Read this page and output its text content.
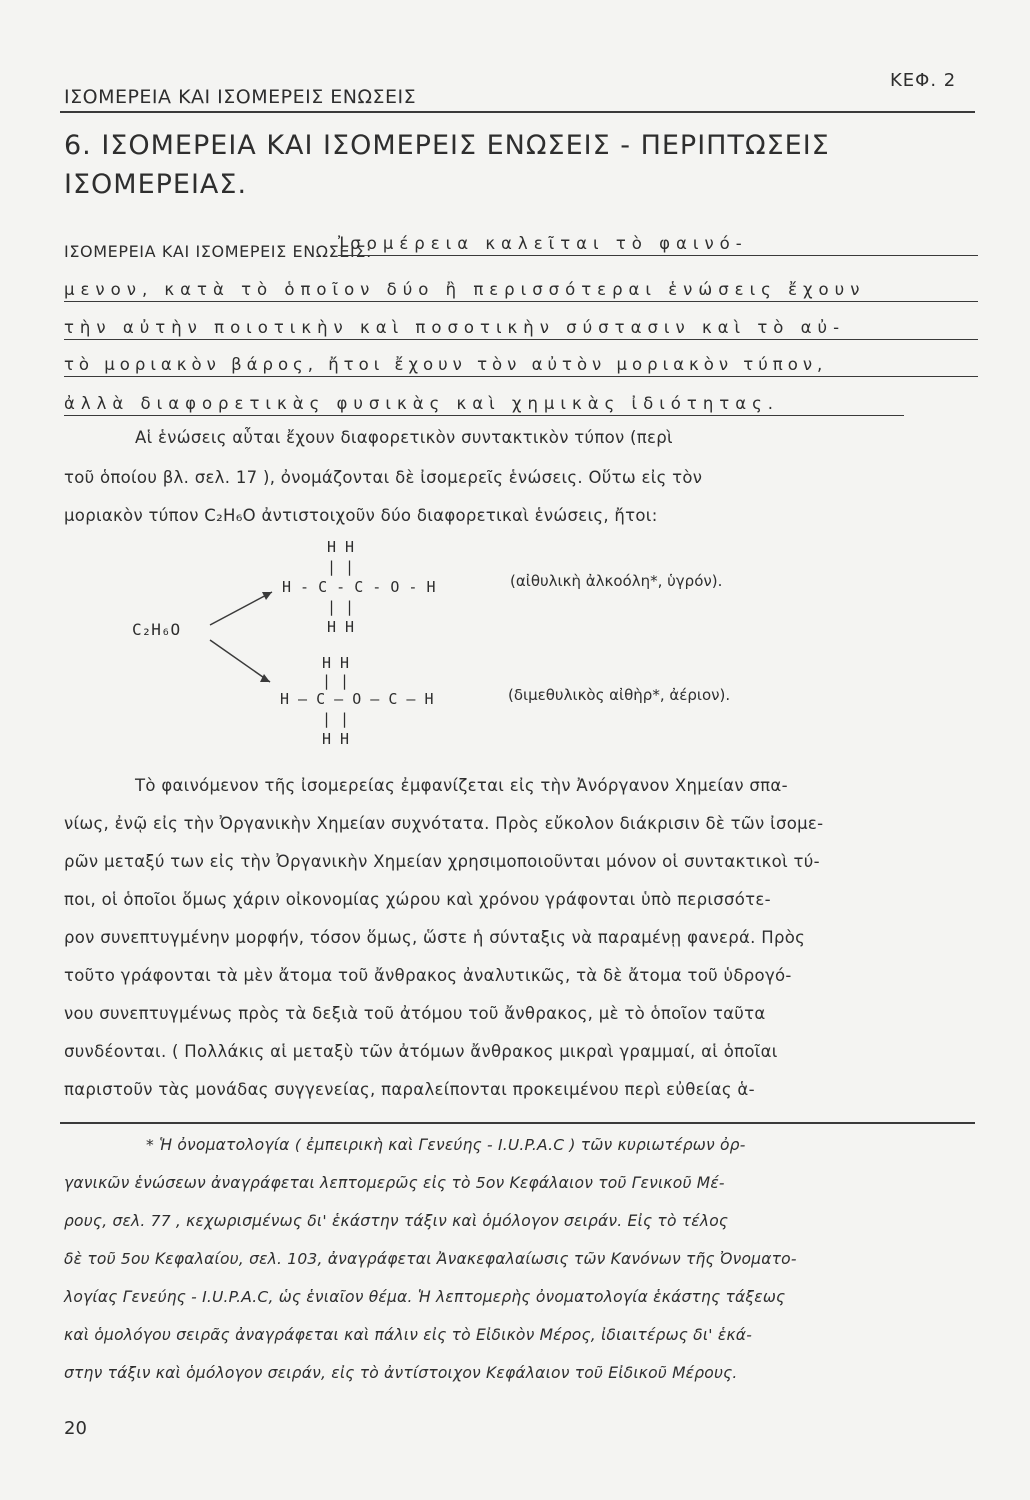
ΙΣΟΜΕΡΕΙΑ ΚΑΙ ΙΣΟΜΕΡΕΙΣ ΕΝΩΣΕΙΣ
ΚΕΦ. 2
6. ΙΣΟΜΕΡΕΙΑ ΚΑΙ ΙΣΟΜΕΡΕΙΣ ΕΝΩΣΕΙΣ - ΠΕΡΙΠΤΩΣΕΙΣ ΙΣΟΜΕΡΕΙΑΣ.
ΙΣΟΜΕΡΕΙΑ ΚΑΙ ΙΣΟΜΕΡΕΙΣ ΕΝΩΣΕΙΣ:
Ἰσομέρεια καλεῖται τὸ φαινό-
μενον, κατὰ τὸ ὁποῖον δύο ἢ περισσότεραι ἑνώσεις ἔχουν
τὴν αὐτὴν ποιοτικὴν καὶ ποσοτικὴν σύστασιν καὶ τὸ αὐ-
τὸ μοριακὸν βάρος, ἤτοι ἔχουν τὸν αὐτὸν μοριακὸν τύπον,
ἀλλὰ διαφορετικὰς φυσικὰς καὶ χημικὰς ἰδιότητας.
Αἱ ἑνώσεις αὗται ἔχουν διαφορετικὸν συντακτικὸν τύπον (περὶ
τοῦ ὁποίου βλ. σελ. 17 ), ὀνομάζονται δὲ ἰσομερεῖς ἑνώσεις. Οὕτω εἰς τὸν
μοριακὸν τύπον C₂H₆O ἀντιστοιχοῦν δύο διαφορετικαὶ ἑνώσεις, ἤτοι:
C₂H₆O
H H
| |
H - C - C - O - H
| |
H H
(αἰθυλικὴ ἀλκοόλη*, ὑγρόν).
H H
| |
H — C — O — C — H
| |
H H
(διμεθυλικὸς αἰθὴρ*, ἀέριον).
Τὸ φαινόμενον τῆς ἰσομερείας ἐμφανίζεται εἰς τὴν Ἀνόργανον Χημείαν σπα-
νίως, ἐνῷ εἰς τὴν Ὀργανικὴν Χημείαν συχνότατα. Πρὸς εὔκολον διάκρισιν δὲ τῶν ἰσομε-
ρῶν μεταξύ των εἰς τὴν Ὀργανικὴν Χημείαν χρησιμοποιοῦνται μόνον οἱ συντακτικοὶ τύ-
ποι, οἱ ὁποῖοι ὅμως χάριν οἰκονομίας χώρου καὶ χρόνου γράφονται ὑπὸ περισσότε-
ρον συνεπτυγμένην μορφήν, τόσον ὅμως, ὥστε ἡ σύνταξις νὰ παραμένῃ φανερά. Πρὸς
τοῦτο γράφονται τὰ μὲν ἄτομα τοῦ ἄνθρακος ἀναλυτικῶς, τὰ δὲ ἄτομα τοῦ ὑδρογό-
νου συνεπτυγμένως πρὸς τὰ δεξιὰ τοῦ ἀτόμου τοῦ ἄνθρακος, μὲ τὸ ὁποῖον ταῦτα
συνδέονται. ( Πολλάκις αἱ μεταξὺ τῶν ἀτόμων ἄνθρακος μικραὶ γραμμαί, αἱ ὁποῖαι
παριστοῦν τὰς μονάδας συγγενείας, παραλείπονται προκειμένου περὶ εὐθείας ἁ-
* Ἡ ὀνοματολογία ( ἐμπειρικὴ καὶ Γενεύης - I.U.P.A.C ) τῶν κυριωτέρων ὀρ-
γανικῶν ἑνώσεων ἀναγράφεται λεπτομερῶς εἰς τὸ 5ον Κεφάλαιον τοῦ Γενικοῦ Μέ-
ρους, σελ. 77 , κεχωρισμένως δι' ἑκάστην τάξιν καὶ ὁμόλογον σειράν. Εἰς τὸ τέλος
δὲ τοῦ 5ου Κεφαλαίου, σελ. 103, ἀναγράφεται Ἀνακεφαλαίωσις τῶν Κανόνων τῆς Ὀνοματο-
λογίας Γενεύης - I.U.P.A.C, ὡς ἑνιαῖον θέμα. Ἡ λεπτομερὴς ὀνοματολογία ἑκάστης τάξεως
καὶ ὁμολόγου σειρᾶς ἀναγράφεται καὶ πάλιν εἰς τὸ Εἰδικὸν Μέρος, ἰδιαιτέρως δι' ἑκά-
στην τάξιν καὶ ὁμόλογον σειράν, εἰς τὸ ἀντίστοιχον Κεφάλαιον τοῦ Εἰδικοῦ Μέρους.
20
